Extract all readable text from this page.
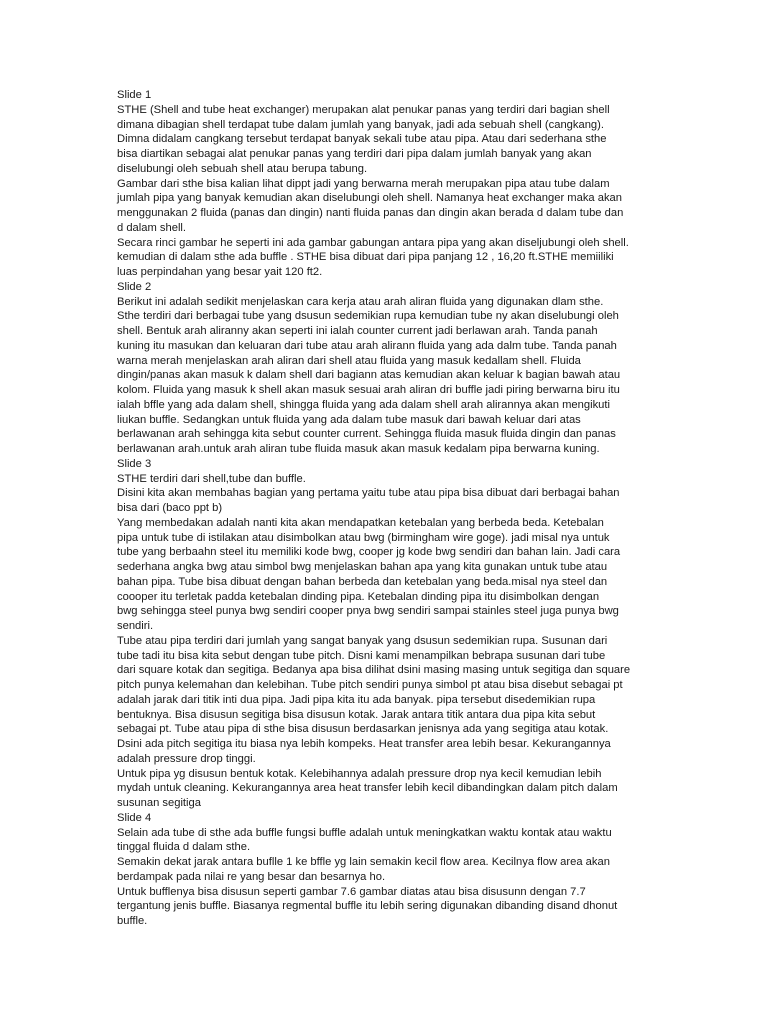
Slide 1
STHE (Shell and tube heat exchanger) merupakan alat penukar panas yang terdiri dari bagian shell
dimana dibagian shell terdapat tube dalam jumlah yang banyak, jadi ada sebuah shell (cangkang).
Dimna didalam cangkang tersebut terdapat banyak sekali tube atau pipa. Atau dari sederhana sthe
bisa diartikan sebagai alat penukar panas yang terdiri dari pipa dalam jumlah banyak yang akan
diselubungi oleh sebuah shell atau berupa tabung.
Gambar dari sthe bisa kalian lihat dippt jadi yang berwarna merah merupakan pipa atau tube dalam
jumlah pipa yang banyak kemudian akan diselubungi oleh shell. Namanya heat exchanger maka akan
menggunakan 2 fluida (panas dan dingin) nanti fluida panas dan dingin akan berada d dalam tube dan
d dalam shell.
Secara rinci gambar he seperti ini ada gambar gabungan antara pipa yang akan diseljubungi oleh shell.
kemudian di dalam sthe ada buffle . STHE bisa dibuat dari pipa panjang 12 , 16,20 ft.STHE memiiliki
luas perpindahan yang besar yait 120 ft2.
Slide 2
Berikut ini adalah sedikit menjelaskan cara kerja atau arah aliran fluida yang digunakan dlam sthe.
Sthe terdiri dari berbagai tube yang dsusun sedemikian rupa kemudian tube ny akan diselubungi oleh
shell. Bentuk arah aliranny akan seperti ini ialah counter current jadi berlawan arah. Tanda panah
kuning itu masukan dan keluaran dari tube atau arah alirann fluida yang ada dalm tube. Tanda panah
warna merah menjelaskan arah aliran dari shell atau fluida yang masuk kedallam shell. Fluida
dingin/panas akan masuk k dalam shell dari bagiann atas kemudian akan keluar k bagian bawah atau
kolom. Fluida yang masuk k shell akan masuk sesuai arah aliran dri buffle jadi piring berwarna biru itu
ialah bffle yang ada dalam shell, shingga fluida yang ada dalam shell arah alirannya akan mengikuti
liukan buffle. Sedangkan untuk fluida yang ada dalam tube masuk dari bawah keluar dari atas
berlawanan arah sehingga kita sebut counter current. Sehingga fluida masuk fluida dingin dan panas
berlawanan arah.untuk arah aliran tube fluida masuk akan masuk kedalam pipa berwarna kuning.
Slide 3
STHE terdiri dari shell,tube dan buffle.
Disini kita akan membahas bagian yang pertama yaitu tube atau pipa bisa dibuat dari berbagai bahan
bisa dari (baco ppt b)
Yang membedakan adalah nanti kita akan mendapatkan ketebalan yang berbeda beda. Ketebalan
pipa untuk tube di istilakan atau disimbolkan atau bwg (birmingham wire goge). jadi misal nya untuk
tube yang berbaahn steel itu memiliki kode bwg, cooper jg kode bwg sendiri dan bahan lain. Jadi cara
sederhana angka bwg atau simbol bwg menjelaskan bahan apa yang kita gunakan untuk tube atau
bahan pipa. Tube bisa dibuat dengan bahan berbeda dan ketebalan yang beda.misal nya steel dan
coooper itu terletak padda ketebalan dinding pipa. Ketebalan dinding pipa itu disimbolkan dengan
bwg sehingga steel punya bwg sendiri cooper pnya bwg sendiri sampai stainles steel juga punya bwg
sendiri.
Tube atau pipa terdiri dari jumlah yang sangat banyak yang dsusun sedemikian rupa. Susunan dari
tube tadi itu bisa kita sebut dengan tube pitch. Disni kami menampilkan bebrapa susunan dari tube
dari square kotak dan segitiga. Bedanya apa bisa dilihat dsini masing masing untuk segitiga dan square
pitch punya kelemahan dan kelebihan. Tube pitch sendiri punya simbol pt atau bisa disebut sebagai pt
adalah jarak dari titik inti dua pipa. Jadi pipa kita itu ada banyak. pipa tersebut disedemikian rupa
bentuknya. Bisa disusun segitiga bisa disusun kotak. Jarak antara titik antara dua pipa kita sebut
sebagai pt. Tube atau pipa di sthe bisa disusun berdasarkan jenisnya ada yang segitiga atau kotak.
Dsini ada pitch segitiga itu biasa nya lebih kompeks. Heat transfer area lebih besar. Kekurangannya
adalah pressure drop tinggi.
Untuk pipa yg disusun bentuk kotak. Kelebihannya adalah pressure drop nya kecil kemudian lebih
mydah untuk cleaning. Kekurangannya area heat transfer lebih kecil dibandingkan dalam pitch dalam
susunan segitiga
Slide 4
Selain ada tube di sthe ada buffle fungsi buffle adalah untuk meningkatkan waktu kontak atau waktu
tinggal fluida d dalam sthe.
Semakin dekat jarak antara buflle 1 ke bffle yg lain semakin kecil flow area. Kecilnya flow area akan
berdampak pada nilai re yang besar dan besarnya ho.
Untuk bufflenya bisa disusun seperti gambar 7.6 gambar diatas atau bisa disusunn dengan 7.7
tergantung jenis buffle. Biasanya regmental buffle itu lebih sering digunakan dibanding disand dhonut
buffle.
